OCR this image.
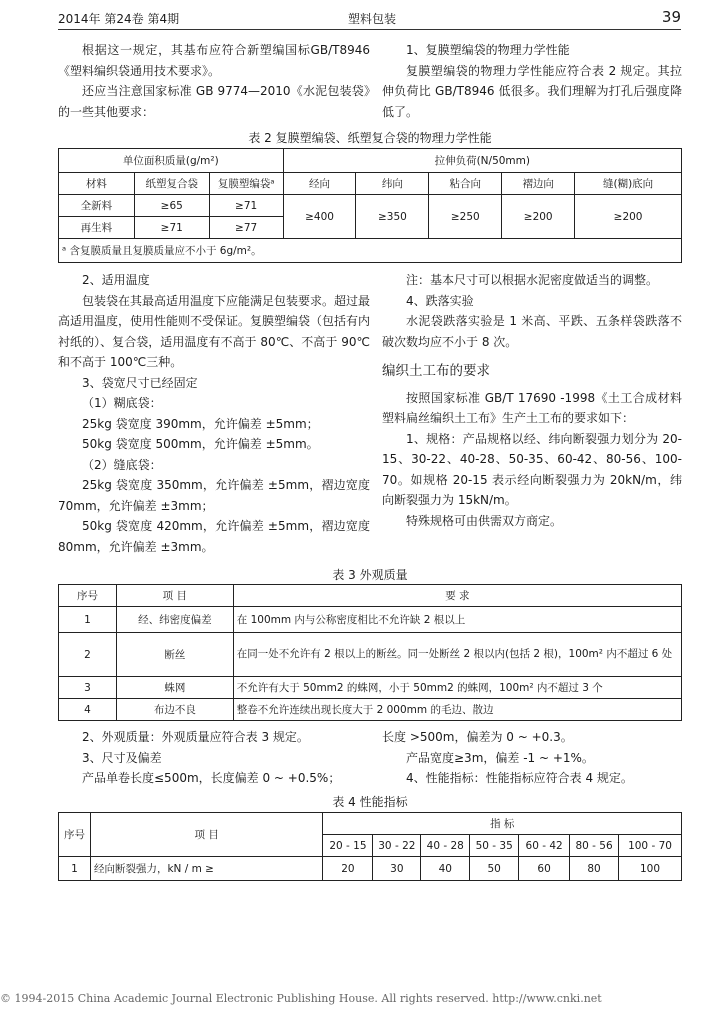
2014年 第24卷 第4期	塑料包装	39

根据这一规定，其基布应符合新塑编国标GB/T8946《塑料编织袋通用技术要求》。

还应当注意国家标准 GB 9774—2010《水泥包装袋》的一些其他要求：

1、复膜塑编袋的物理力学性能

复膜塑编袋的物理力学性能应符合表 2 规定。其拉伸负荷比 GB/T8946 低很多。我们理解为打孔后强度降低了。

表 2 复膜塑编袋、纸塑复合袋的物理力学性能
单位面积质量(g/m²)			拉伸负荷(N/50mm)				
材料	纸塑复合袋	复膜塑编袋ᵃ	经向	纬向	粘合向	褶边向	缝(糊)底向
全新料	≥65	≥71	≥400	≥350	≥250	≥200	≥200
再生料	≥71	≥77					
ᵃ 含复膜质量且复膜质量应不小于 6g/m²。							

2、适用温度

包装袋在其最高适用温度下应能满足包装要求。超过最高适用温度，使用性能则不受保证。复膜塑编袋（包括有内衬纸的）、复合袋，适用温度有不高于 80℃、不高于 90℃和不高于 100℃三种。

3、袋宽尺寸已经固定

（1）糊底袋：

25kg 袋宽度 390mm，允许偏差 ±5mm；

50kg 袋宽度 500mm，允许偏差 ±5mm。

（2）缝底袋：

25kg 袋宽度 350mm，允许偏差 ±5mm，褶边宽度 70mm，允许偏差 ±3mm；

50kg 袋宽度 420mm，允许偏差 ±5mm，褶边宽度 80mm，允许偏差 ±3mm。

注：基本尺寸可以根据水泥密度做适当的调整。

4、跌落实验

水泥袋跌落实验是 1 米高、平跌、五条样袋跌落不破次数均应不小于 8 次。

编织土工布的要求

按照国家标准 GB/T 17690 -1998《土工合成材料塑料扁丝编织土工布》生产土工布的要求如下：

1、规格：产品规格以经、纬向断裂强力划分为 20-15、30-22、40-28、50-35、60-42、80-56、100-70。如规格 20-15 表示经向断裂强力为 20kN/m，纬向断裂强力为 15kN/m。

特殊规格可由供需双方商定。

表 3 外观质量
序号	项 目	要 求
1	经、纬密度偏差	在 100mm 内与公称密度相比不允许缺 2 根以上
2	断丝	在同一处不允许有 2 根以上的断丝。同一处断丝 2 根以内(包括 2 根)，100m² 内不超过 6 处
3	蛛网	不允许有大于 50mm2 的蛛网，小于 50mm2 的蛛网，100m² 内不超过 3 个
4	布边不良	整卷不允许连续出现长度大于 2 000mm 的毛边、散边

2、外观质量：外观质量应符合表 3 规定。

3、尺寸及偏差

产品单卷长度≤500m，长度偏差 0 ~ +0.5%；

长度 >500m，偏差为 0 ~ +0.3。

产品宽度≥3m，偏差 -1 ~ +1%。

4、性能指标：性能指标应符合表 4 规定。

表 4 性能指标
序号	项 目	指 标						
		20 - 15	30 - 22	40 - 28	50 - 35	60 - 42	80 - 56	100 - 70
1	经向断裂强力，kN / m ≥	20	30	40	50	60	80	100
© 1994-2015 China Academic Journal Electronic Publishing House. All rights reserved. http://www.cnki.net
